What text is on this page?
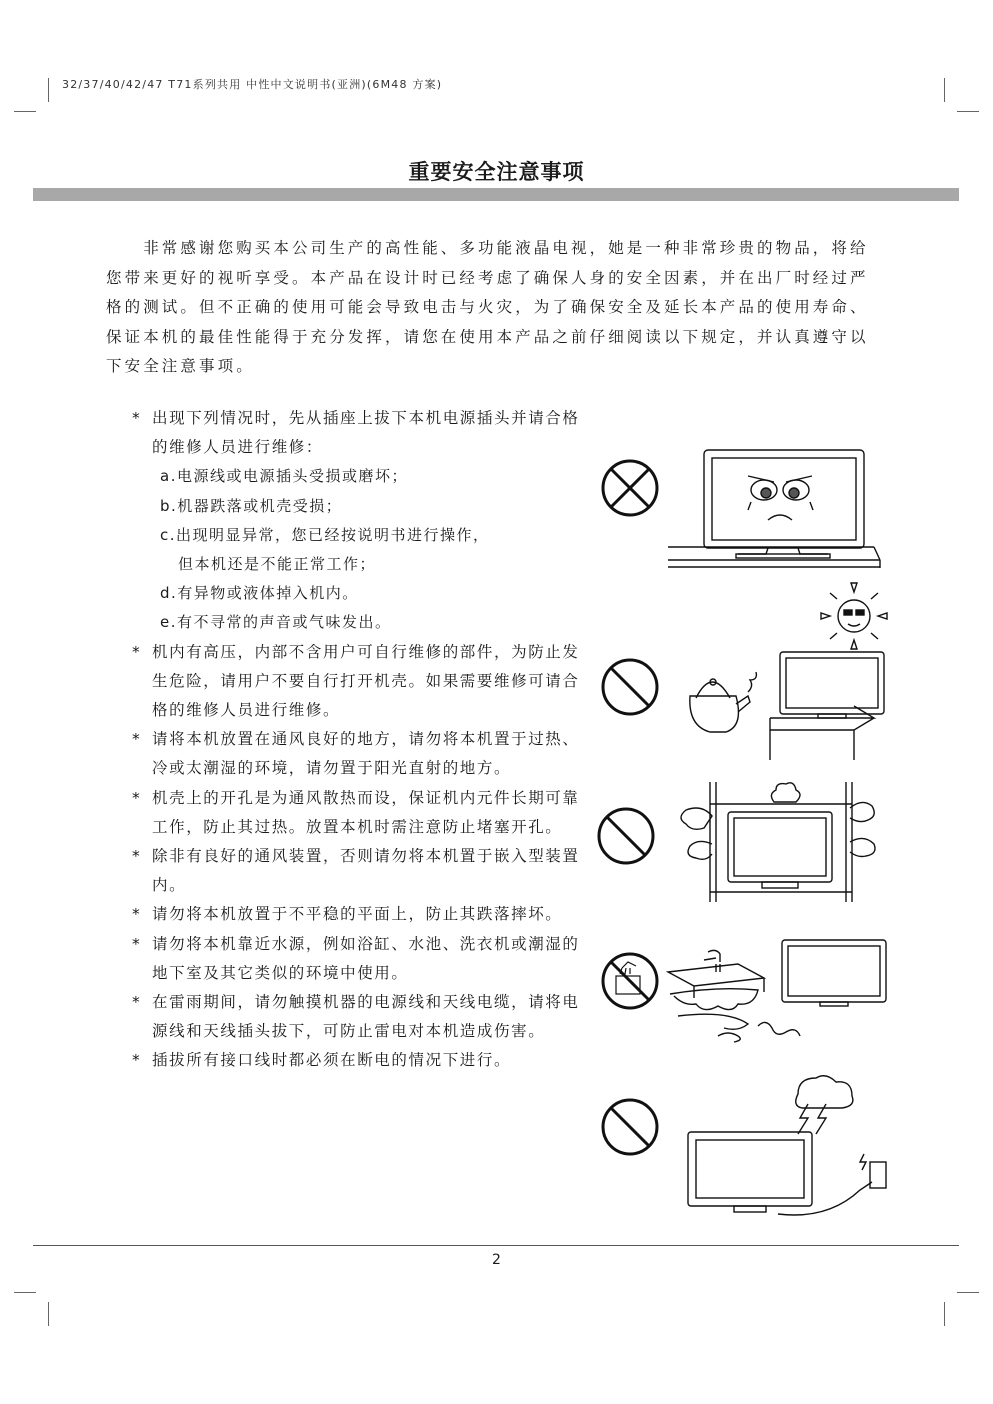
32/37/40/42/47 T71系列共用 中性中文说明书(亚洲)(6M48 方案)
重要安全注意事项

　　非常感谢您购买本公司生产的高性能、多功能液晶电视，她是一种非常珍贵的物品，将给您带来更好的视听享受。本产品在设计时已经考虑了确保人身的安全因素，并在出厂时经过严格的测试。但不正确的使用可能会导致电击与火灾，为了确保安全及延长本产品的使用寿命、保证本机的最佳性能得于充分发挥，请您在使用本产品之前仔细阅读以下规定，并认真遵守以下安全注意事项。

* 出现下列情况时，先从插座上拔下本机电源插头并请合格的维修人员进行维修：
a.电源线或电源插头受损或磨坏；
b.机器跌落或机壳受损；
c.出现明显异常，您已经按说明书进行操作，
但本机还是不能正常工作；
d.有异物或液体掉入机内。
e.有不寻常的声音或气味发出。
* 机内有高压，内部不含用户可自行维修的部件，为防止发生危险，请用户不要自行打开机壳。如果需要维修可请合格的维修人员进行维修。
* 请将本机放置在通风良好的地方，请勿将本机置于过热、冷或太潮湿的环境，请勿置于阳光直射的地方。
* 机壳上的开孔是为通风散热而设，保证机内元件长期可靠工作，防止其过热。放置本机时需注意防止堵塞开孔。
* 除非有良好的通风装置，否则请勿将本机置于嵌入型装置内。
* 请勿将本机放置于不平稳的平面上，防止其跌落摔坏。
* 请勿将本机靠近水源，例如浴缸、水池、洗衣机或潮湿的地下室及其它类似的环境中使用。
* 在雷雨期间，请勿触摸机器的电源线和天线电缆，请将电源线和天线插头拔下，可防止雷电对本机造成伤害。
* 插拔所有接口线时都必须在断电的情况下进行。
2
